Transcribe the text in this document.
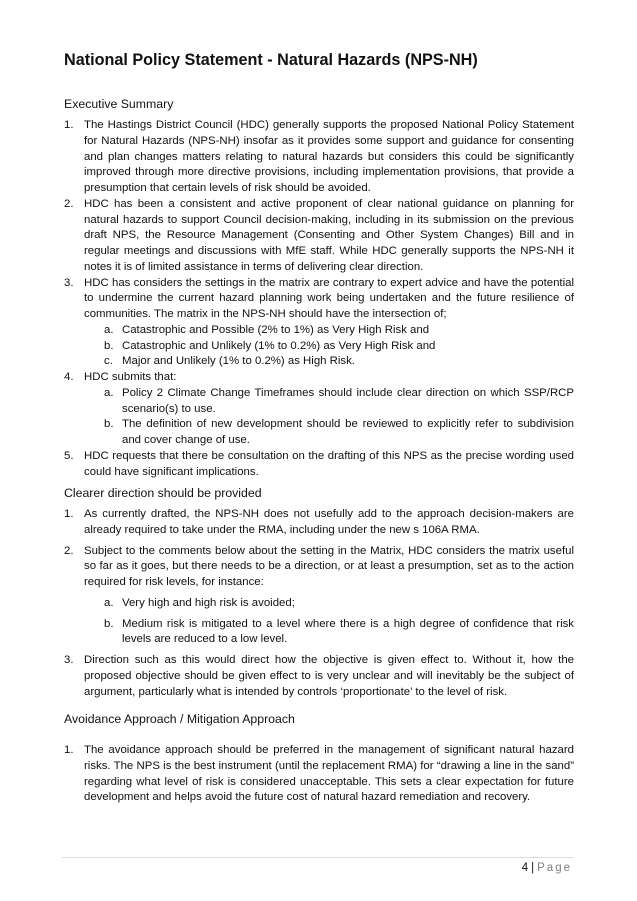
National Policy Statement - Natural Hazards (NPS-NH)
Executive Summary
1. The Hastings District Council (HDC) generally supports the proposed National Policy Statement for Natural Hazards (NPS-NH) insofar as it provides some support and guidance for consenting and plan changes matters relating to natural hazards but considers this could be significantly improved through more directive provisions, including implementation provisions, that provide a presumption that certain levels of risk should be avoided.
2. HDC has been a consistent and active proponent of clear national guidance on planning for natural hazards to support Council decision-making, including in its submission on the previous draft NPS, the Resource Management (Consenting and Other System Changes) Bill and in regular meetings and discussions with MfE staff. While HDC generally supports the NPS-NH it notes it is of limited assistance in terms of delivering clear direction.
3. HDC has considers the settings in the matrix are contrary to expert advice and have the potential to undermine the current hazard planning work being undertaken and the future resilience of communities. The matrix in the NPS-NH should have the intersection of;
a. Catastrophic and Possible (2% to 1%) as Very High Risk and
b. Catastrophic and Unlikely (1% to 0.2%) as Very High Risk and
c. Major and Unlikely (1% to 0.2%) as High Risk.
4. HDC submits that:
a. Policy 2 Climate Change Timeframes should include clear direction on which SSP/RCP scenario(s) to use.
b. The definition of new development should be reviewed to explicitly refer to subdivision and cover change of use.
5. HDC requests that there be consultation on the drafting of this NPS as the precise wording used could have significant implications.
Clearer direction should be provided
1. As currently drafted, the NPS-NH does not usefully add to the approach decision-makers are already required to take under the RMA, including under the new s 106A RMA.
2. Subject to the comments below about the setting in the Matrix, HDC considers the matrix useful so far as it goes, but there needs to be a direction, or at least a presumption, set as to the action required for risk levels, for instance:
a. Very high and high risk is avoided;
b. Medium risk is mitigated to a level where there is a high degree of confidence that risk levels are reduced to a low level.
3. Direction such as this would direct how the objective is given effect to. Without it, how the proposed objective should be given effect to is very unclear and will inevitably be the subject of argument, particularly what is intended by controls ‘proportionate’ to the level of risk.
Avoidance Approach / Mitigation Approach
1. The avoidance approach should be preferred in the management of significant natural hazard risks. The NPS is the best instrument (until the replacement RMA) for “drawing a line in the sand” regarding what level of risk is considered unacceptable. This sets a clear expectation for future development and helps avoid the future cost of natural hazard remediation and recovery.
4 | Page
